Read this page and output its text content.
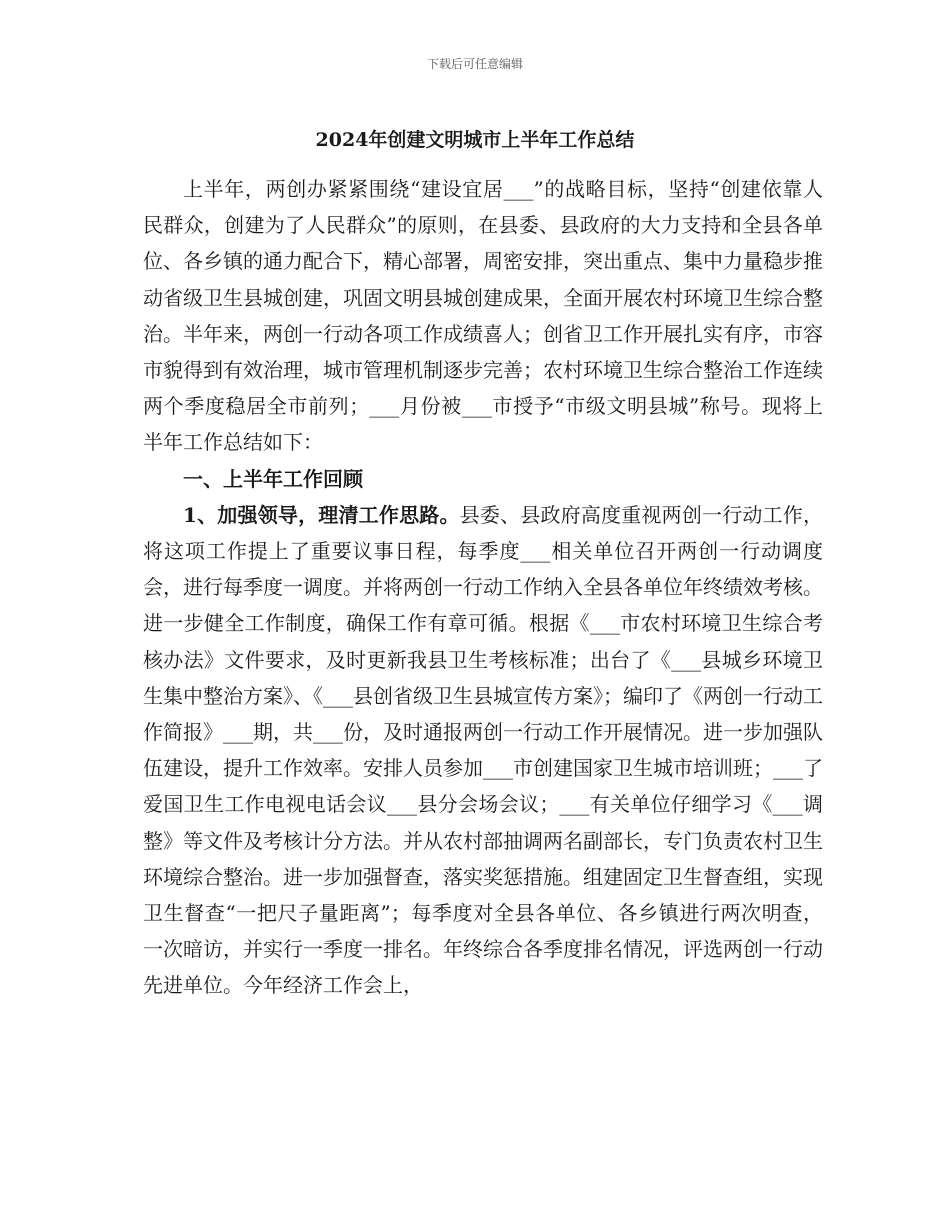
下载后可任意编辑
2024年创建文明城市上半年工作总结

上半年，两创办紧紧围绕“建设宜居___”的战略目标，坚持“创建依靠人民群众，创建为了人民群众”的原则，在县委、县政府的大力支持和全县各单位、各乡镇的通力配合下，精心部署，周密安排，突出重点、集中力量稳步推动省级卫生县城创建，巩固文明县城创建成果，全面开展农村环境卫生综合整治。半年来，两创一行动各项工作成绩喜人；创省卫工作开展扎实有序，市容市貌得到有效治理，城市管理机制逐步完善；农村环境卫生综合整治工作连续两个季度稳居全市前列；___月份被___市授予“市级文明县城”称号。现将上半年工作总结如下：

一、上半年工作回顾

1、加强领导，理清工作思路。县委、县政府高度重视两创一行动工作，将这项工作提上了重要议事日程，每季度___相关单位召开两创一行动调度会，进行每季度一调度。并将两创一行动工作纳入全县各单位年终绩效考核。进一步健全工作制度，确保工作有章可循。根据《___市农村环境卫生综合考核办法》文件要求，及时更新我县卫生考核标准；出台了《___县城乡环境卫生集中整治方案》、《___县创省级卫生县城宣传方案》；编印了《两创一行动工作简报》___期，共___份，及时通报两创一行动工作开展情况。进一步加强队伍建设，提升工作效率。安排人员参加___市创建国家卫生城市培训班；___了爱国卫生工作电视电话会议___县分会场会议；___有关单位仔细学习《___调整》等文件及考核计分方法。并从农村部抽调两名副部长，专门负责农村卫生环境综合整治。进一步加强督查，落实奖惩措施。组建固定卫生督查组，实现卫生督查“一把尺子量距离”；每季度对全县各单位、各乡镇进行两次明查，一次暗访，并实行一季度一排名。年终综合各季度排名情况，评选两创一行动先进单位。今年经济工作会上，
